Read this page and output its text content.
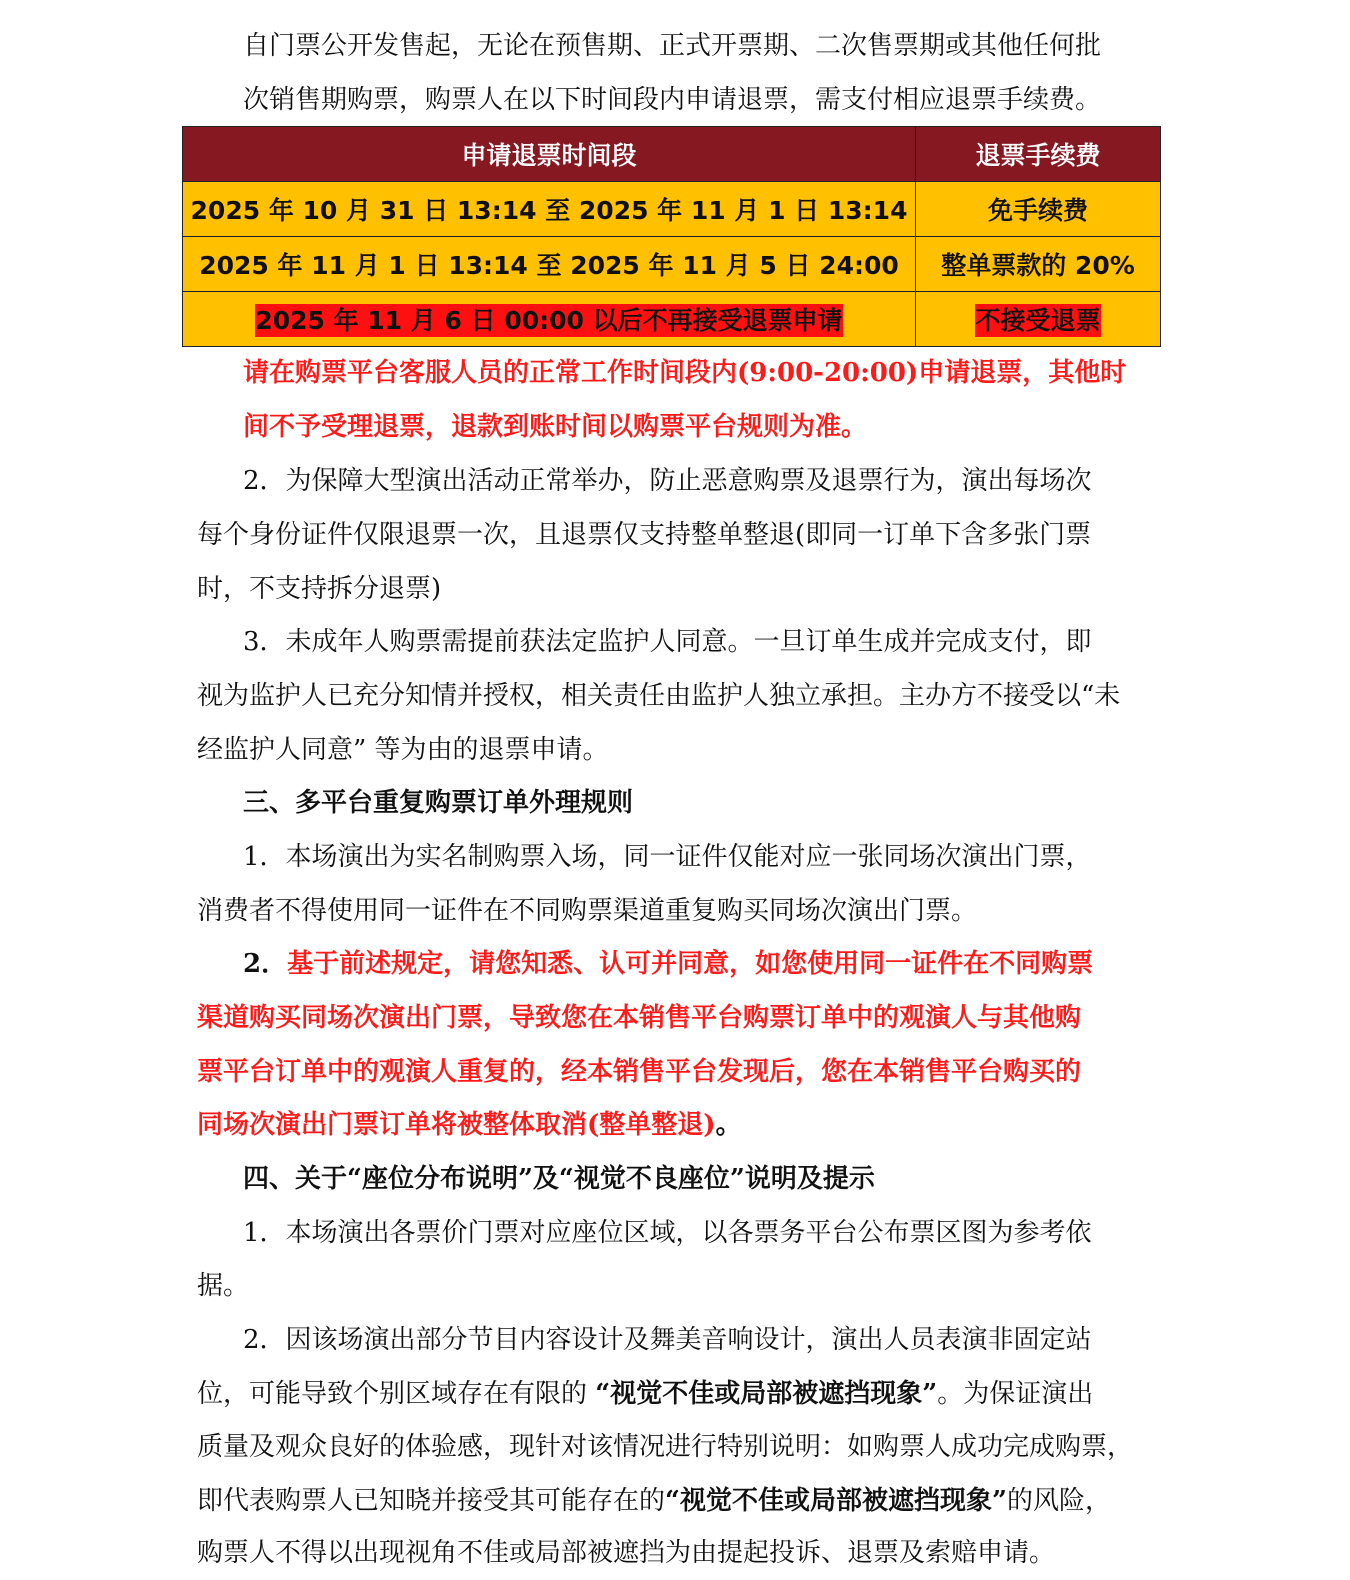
自门票公开发售起，无论在预售期、正式开票期、二次售票期或其他任何批

次销售期购票，购票人在以下时间段内申请退票，需支付相应退票手续费。

申请退票时间段	退票手续费
2025 年 10 月 31 日 13:14 至 2025 年 11 月 1 日 13:14	免手续费
2025 年 11 月 1 日 13:14 至 2025 年 11 月 5 日 24:00	整单票款的 20%
2025 年 11 月 6 日 00:00 以后不再接受退票申请	不接受退票

请在购票平台客服人员的正常工作时间段内(9:00-20:00)申请退票，其他时

间不予受理退票，退款到账时间以购票平台规则为准。

2．为保障大型演出活动正常举办，防止恶意购票及退票行为，演出每场次

每个身份证件仅限退票一次，且退票仅支持整单整退(即同一订单下含多张门票

时，不支持拆分退票)

3．未成年人购票需提前获法定监护人同意。一旦订单生成并完成支付，即

视为监护人已充分知情并授权，相关责任由监护人独立承担。主办方不接受以“未

经监护人同意” 等为由的退票申请。

三、多平台重复购票订单外理规则

1．本场演出为实名制购票入场，同一证件仅能对应一张同场次演出门票，

消费者不得使用同一证件在不同购票渠道重复购买同场次演出门票。

2．基于前述规定，请您知悉、认可并同意，如您使用同一证件在不同购票

渠道购买同场次演出门票，导致您在本销售平台购票订单中的观演人与其他购

票平台订单中的观演人重复的，经本销售平台发现后，您在本销售平台购买的

同场次演出门票订单将被整体取消(整单整退)。

四、关于“座位分布说明”及“视觉不良座位”说明及提示

1．本场演出各票价门票对应座位区域，以各票务平台公布票区图为参考依

据。

2．因该场演出部分节目内容设计及舞美音响设计，演出人员表演非固定站

位，可能导致个别区域存在有限的 “视觉不佳或局部被遮挡现象”。为保证演出

质量及观众良好的体验感，现针对该情况进行特别说明：如购票人成功完成购票，

即代表购票人已知晓并接受其可能存在的“视觉不佳或局部被遮挡现象”的风险，

购票人不得以出现视角不佳或局部被遮挡为由提起投诉、退票及索赔申请。
